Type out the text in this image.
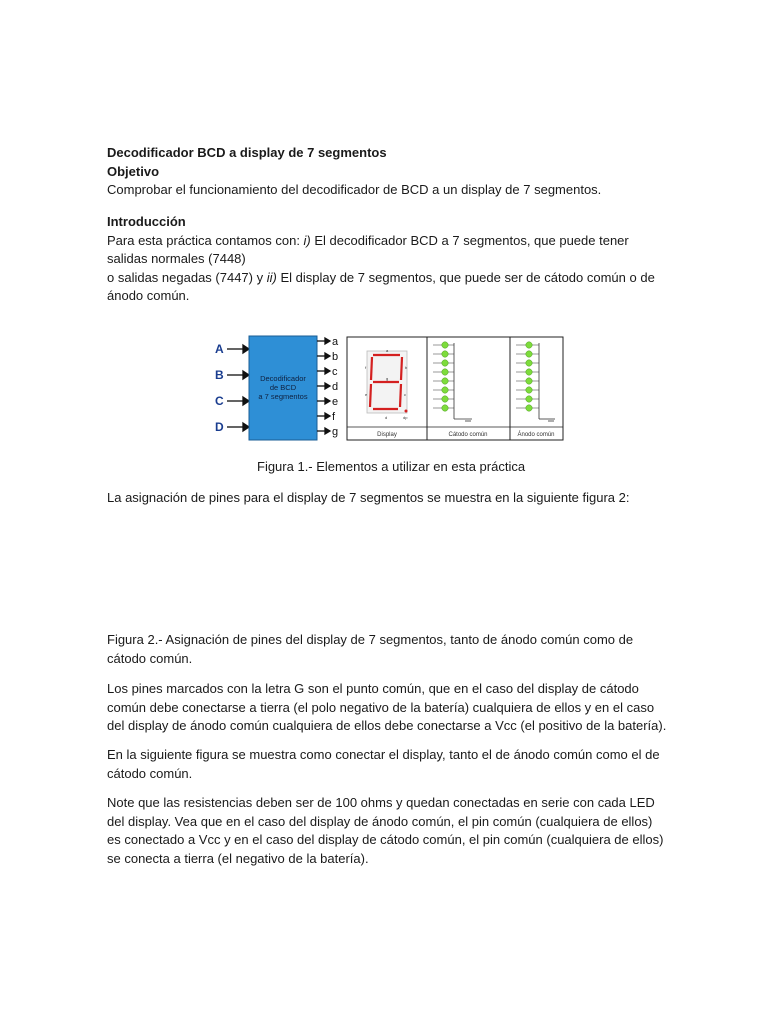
Decodificador BCD a display de 7 segmentos
Objetivo
Comprobar el funcionamiento del decodificador de BCD a un display de 7 segmentos.
Introducción
Para esta práctica contamos con: i) El decodificador BCD a 7 segmentos, que puede tener salidas normales (7448)
o salidas negadas (7447) y ii) El display de 7 segmentos, que puede ser de cátodo común o de ánodo común.
A
B
C
D
Decodificador
de BCD
a 7 segmentos
a
b
c
d
e
f
g
a
b
c
d
e
f
g
dp
Display	Cátodo común	Ánodo común
Figura 1.- Elementos a utilizar en esta práctica
La asignación de pines para el display de 7 segmentos se muestra en la siguiente figura 2:
Figura 2.- Asignación de pines del display de 7 segmentos, tanto de ánodo común como de cátodo común.
Los pines marcados con la letra G son el punto común, que en el caso del display de cátodo común debe conectarse a tierra (el polo negativo de la batería) cualquiera de ellos y en el caso del display de ánodo común cualquiera de ellos debe conectarse a Vcc (el positivo de la batería).
En la siguiente figura se muestra como conectar el display, tanto el de ánodo común como el de cátodo común.
Note que las resistencias deben ser de 100 ohms y quedan conectadas en serie con cada LED del display. Vea que en el caso del display de ánodo común, el pin común (cualquiera de ellos) es conectado a Vcc y en el caso del display de cátodo común, el pin común (cualquiera de ellos) se conecta a tierra (el negativo de la batería).
